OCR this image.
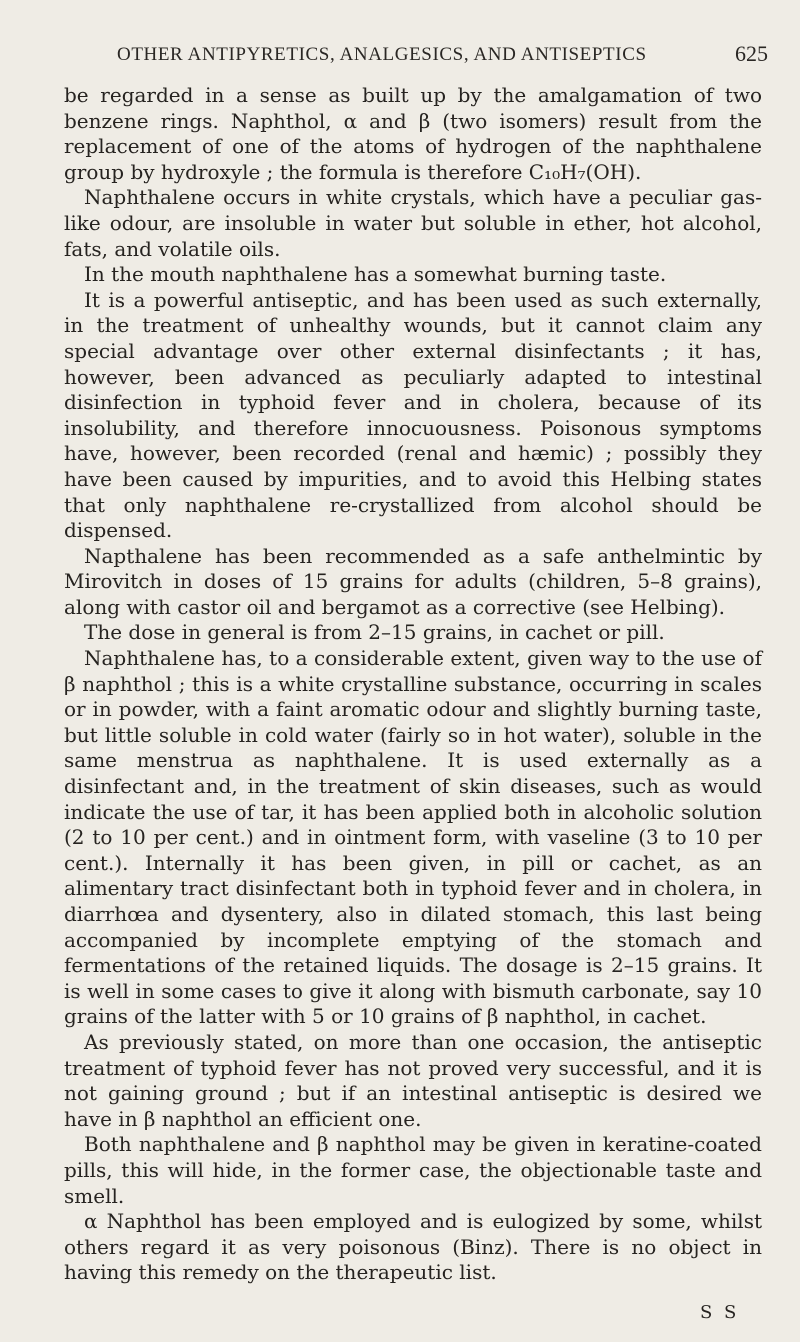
OTHER ANTIPYRETICS, ANALGESICS, AND ANTISEPTICS	625

be regarded in a sense as built up by the amalgamation of two benzene rings. Naphthol, α and β (two isomers) result from the replacement of one of the atoms of hydrogen of the naphthalene group by hydroxyle ; the formula is therefore C₁₀H₇(OH).

Naphthalene occurs in white crystals, which have a peculiar gas-like odour, are insoluble in water but soluble in ether, hot alcohol, fats, and volatile oils.

In the mouth naphthalene has a somewhat burning taste.

It is a powerful antiseptic, and has been used as such externally, in the treatment of unhealthy wounds, but it cannot claim any special advantage over other external disinfectants ; it has, however, been advanced as peculiarly adapted to intestinal disinfection in typhoid fever and in cholera, because of its insolubility, and therefore innocuousness. Poisonous symptoms have, however, been recorded (renal and hæmic) ; possibly they have been caused by impurities, and to avoid this Helbing states that only naphthalene re-crystallized from alcohol should be dispensed.

Napthalene has been recommended as a safe anthelmintic by Mirovitch in doses of 15 grains for adults (children, 5–8 grains), along with castor oil and bergamot as a corrective (see Helbing).

The dose in general is from 2–15 grains, in cachet or pill.

Naphthalene has, to a considerable extent, given way to the use of β naphthol ; this is a white crystalline substance, occurring in scales or in powder, with a faint aromatic odour and slightly burning taste, but little soluble in cold water (fairly so in hot water), soluble in the same menstrua as naphthalene. It is used externally as a disinfectant and, in the treatment of skin diseases, such as would indicate the use of tar, it has been applied both in alcoholic solution (2 to 10 per cent.) and in ointment form, with vaseline (3 to 10 per cent.). Internally it has been given, in pill or cachet, as an alimentary tract disinfectant both in typhoid fever and in cholera, in diarrhœa and dysentery, also in dilated stomach, this last being accompanied by incomplete emptying of the stomach and fermentations of the retained liquids. The dosage is 2–15 grains. It is well in some cases to give it along with bismuth carbonate, say 10 grains of the latter with 5 or 10 grains of β naphthol, in cachet.

As previously stated, on more than one occasion, the antiseptic treatment of typhoid fever has not proved very successful, and it is not gaining ground ; but if an intestinal antiseptic is desired we have in β naphthol an efficient one.

Both naphthalene and β naphthol may be given in keratine-coated pills, this will hide, in the former case, the objectionable taste and smell.

α Naphthol has been employed and is eulogized by some, whilst others regard it as very poisonous (Binz). There is no object in having this remedy on the therapeutic list.

S S
